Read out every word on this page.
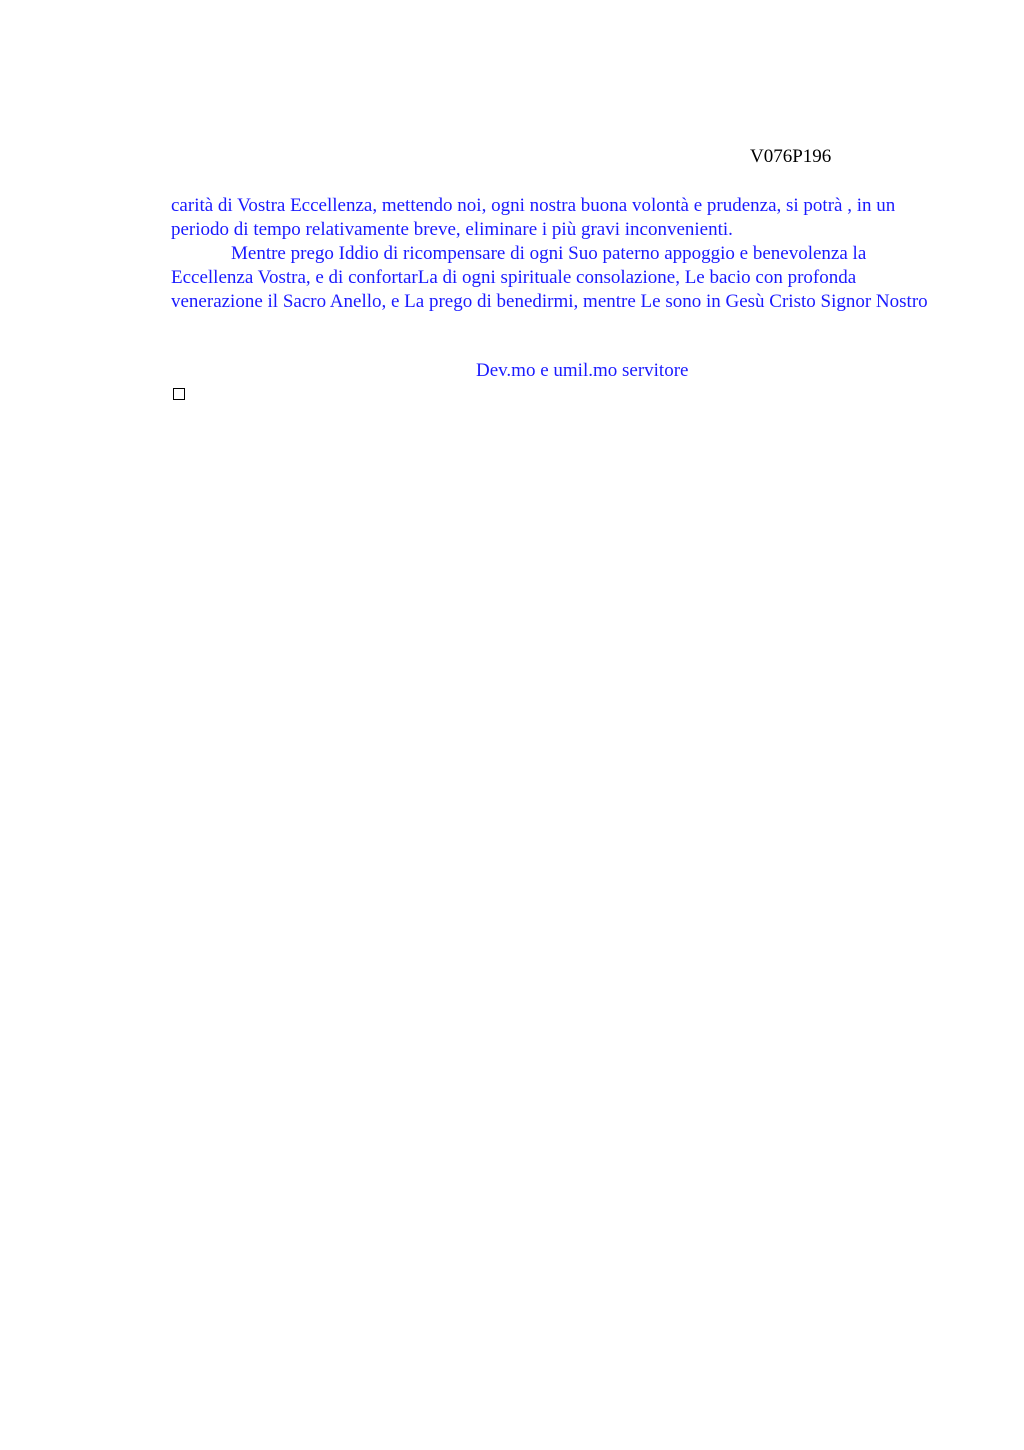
V076P196

carità di Vostra Eccellenza, mettendo noi, ogni nostra buona volontà e prudenza, si potrà , in un periodo di tempo relativamente breve, eliminare i più gravi inconvenienti.

Mentre prego Iddio di ricompensare di ogni Suo paterno appoggio e benevolenza la Eccellenza Vostra, e di confortarLa di ogni spirituale consolazione, Le bacio con profonda venerazione il Sacro Anello, e La prego di benedirmi, mentre Le sono in Gesù Cristo Signor Nostro

Dev.mo e umil.mo servitore
